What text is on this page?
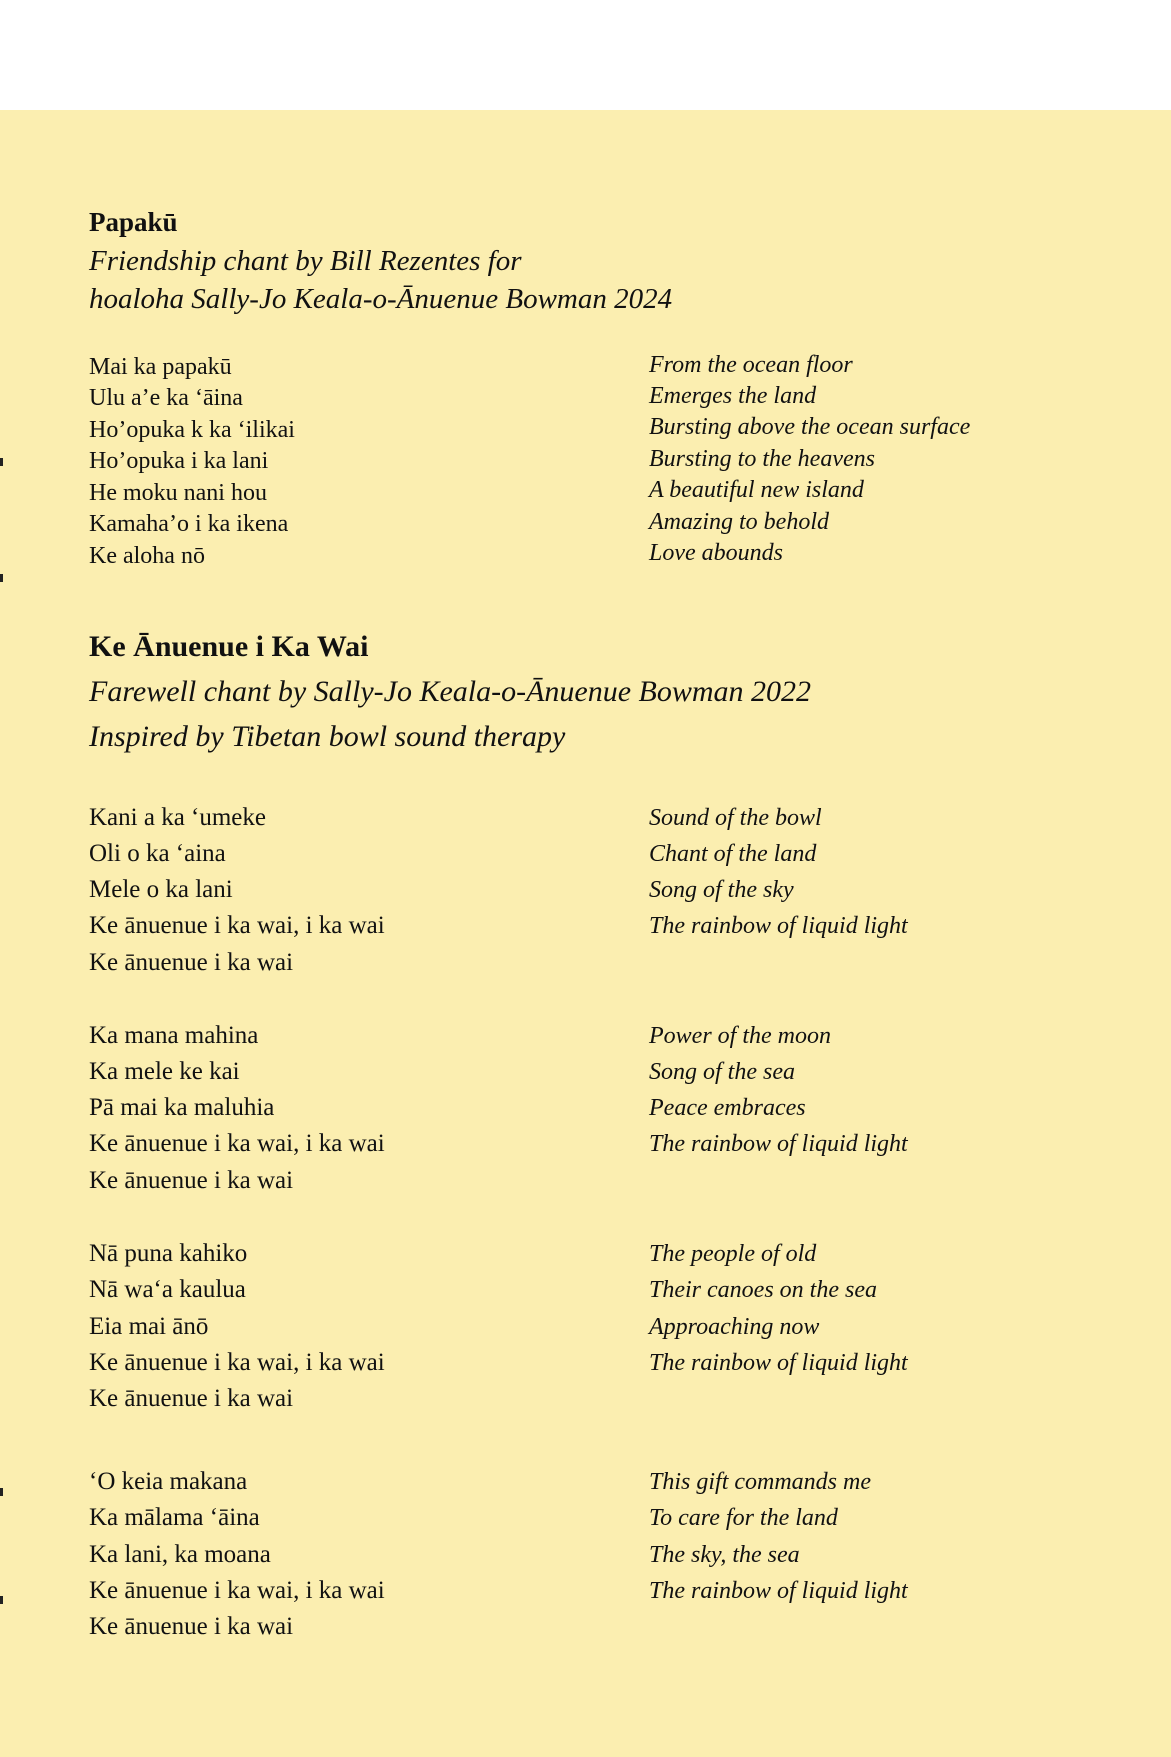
Papakū
Friendship chant by Bill Rezentes for
hoaloha Sally-Jo Keala-o-Ānuenue Bowman 2024
Mai ka papakū
Ulu a’e ka ‘āina
Ho’opuka k ka ‘ilikai
Ho’opuka i ka lani
He moku nani hou
Kamaha’o i ka ikena
Ke aloha nō
From the ocean floor
Emerges the land
Bursting above the ocean surface
Bursting to the heavens
A beautiful new island
Amazing to behold
Love abounds
Ke Ānuenue i Ka Wai
Farewell chant by Sally-Jo Keala-o-Ānuenue Bowman 2022
Inspired by Tibetan bowl sound therapy
Kani a ka ‘umeke
Oli o ka ‘aina
Mele o ka lani
Ke ānuenue i ka wai, i ka wai
Ke ānuenue i ka wai
Sound of the bowl
Chant of the land
Song of the sky
The rainbow of liquid light
Ka mana mahina
Ka mele ke kai
Pā mai ka maluhia
Ke ānuenue i ka wai, i ka wai
Ke ānuenue i ka wai
Power of the moon
Song of the sea
Peace embraces
The rainbow of liquid light
Nā puna kahiko
Nā wa‘a kaulua
Eia mai ānō
Ke ānuenue i ka wai, i ka wai
Ke ānuenue i ka wai
The people of old
Their canoes on the sea
Approaching now
The rainbow of liquid light
‘O keia makana
Ka mālama ‘āina
Ka lani, ka moana
Ke ānuenue i ka wai, i ka wai
Ke ānuenue i ka wai
This gift commands me
To care for the land
The sky, the sea
The rainbow of liquid light
